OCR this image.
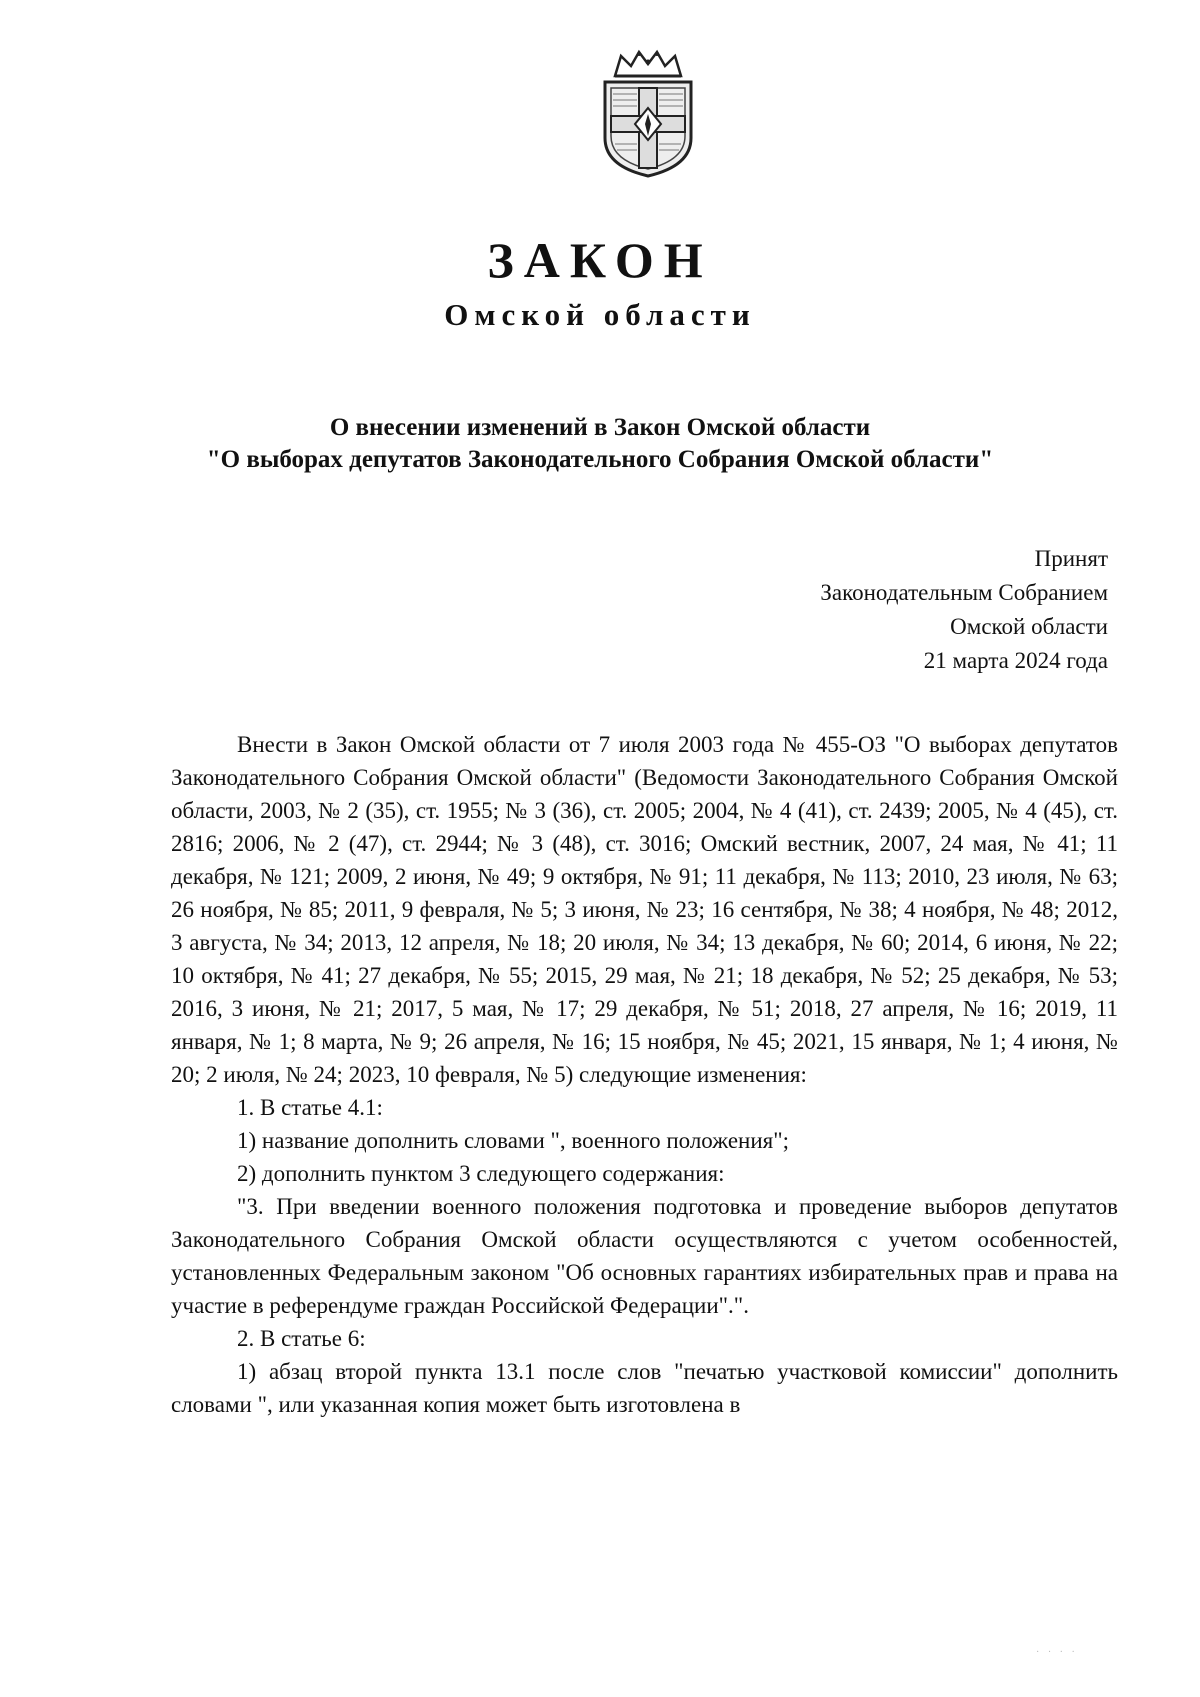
ЗАКОН
Омской области
О внесении изменений в Закон Омской области
"О выборах депутатов Законодательного Собрания Омской области"
Принят
Законодательным Собранием
Омской области
21 марта 2024 года

Внести в Закон Омской области от 7 июля 2003 года № 455-ОЗ "О выборах депутатов Законодательного Собрания Омской области" (Ведомости Законодательного Собрания Омской области, 2003, № 2 (35), ст. 1955; № 3 (36), ст. 2005; 2004, № 4 (41), ст. 2439; 2005, № 4 (45), ст. 2816; 2006, № 2 (47), ст. 2944; № 3 (48), ст. 3016; Омский вестник, 2007, 24 мая, № 41; 11 декабря, № 121; 2009, 2 июня, № 49; 9 октября, № 91; 11 декабря, № 113; 2010, 23 июля, № 63; 26 ноября, № 85; 2011, 9 февраля, № 5; 3 июня, № 23; 16 сентября, № 38; 4 ноября, № 48; 2012, 3 августа, № 34; 2013, 12 апреля, № 18; 20 июля, № 34; 13 декабря, № 60; 2014, 6 июня, № 22; 10 октября, № 41; 27 декабря, № 55; 2015, 29 мая, № 21; 18 декабря, № 52; 25 декабря, № 53; 2016, 3 июня, № 21; 2017, 5 мая, № 17; 29 декабря, № 51; 2018, 27 апреля, № 16; 2019, 11 января, № 1; 8 марта, № 9; 26 апреля, № 16; 15 ноября, № 45; 2021, 15 января, № 1; 4 июня, № 20; 2 июля, № 24; 2023, 10 февраля, № 5) следующие изменения:

1. В статье 4.1:

1) название дополнить словами ", военного положения";

2) дополнить пунктом 3 следующего содержания:

"3. При введении военного положения подготовка и проведение выборов депутатов Законодательного Собрания Омской области осуществляются с учетом особенностей, установленных Федеральным законом "Об основных гарантиях избирательных прав и права на участие в референдуме граждан Российской Федерации".".

2. В статье 6:

1) абзац второй пункта 13.1 после слов "печатью участковой комиссии" дополнить словами ", или указанная копия может быть изготовлена в

· · · ·
